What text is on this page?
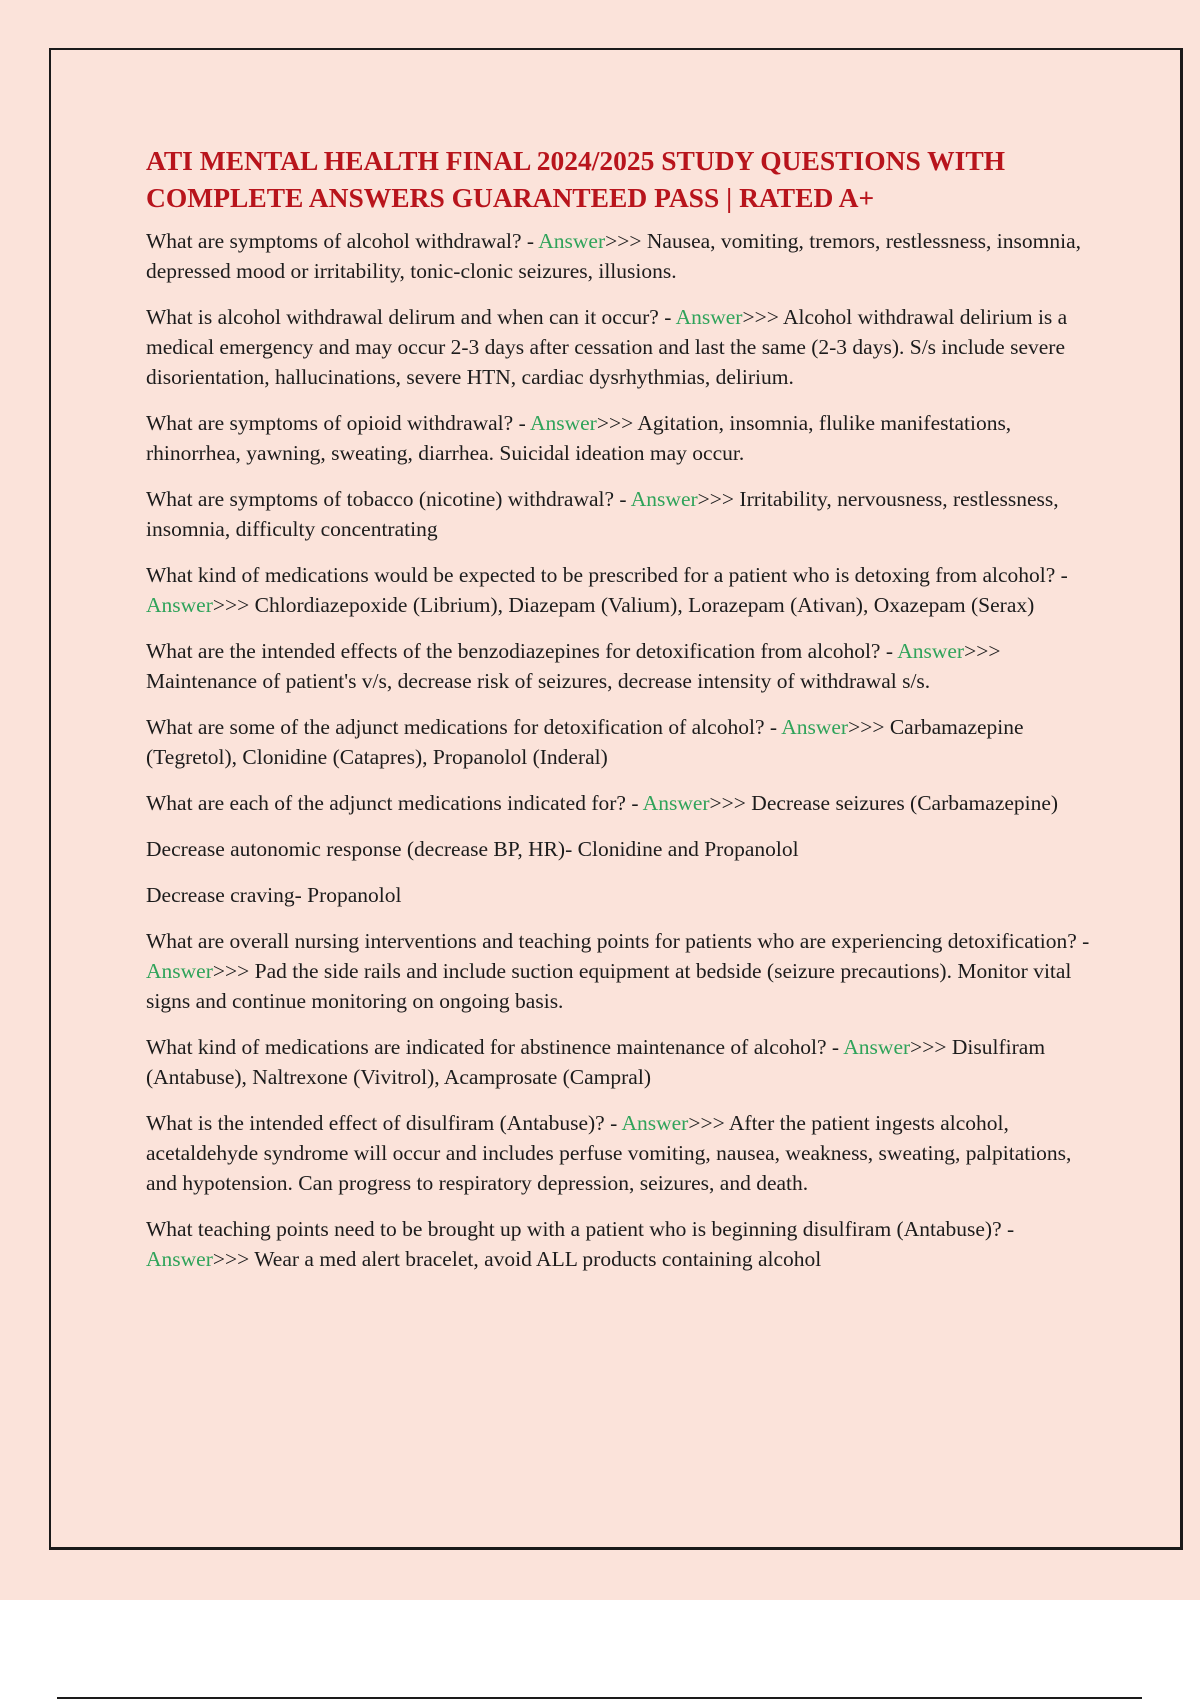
ATI MENTAL HEALTH FINAL 2024/2025 STUDY QUESTIONS WITH COMPLETE ANSWERS GUARANTEED PASS | RATED A+

What are symptoms of alcohol withdrawal? - Answer>>> Nausea, vomiting, tremors, restlessness, insomnia, depressed mood or irritability, tonic-clonic seizures, illusions.

What is alcohol withdrawal delirum and when can it occur? - Answer>>> Alcohol withdrawal delirium is a medical emergency and may occur 2-3 days after cessation and last the same (2-3 days). S/s include severe disorientation, hallucinations, severe HTN, cardiac dysrhythmias, delirium.

What are symptoms of opioid withdrawal? - Answer>>> Agitation, insomnia, flulike manifestations, rhinorrhea, yawning, sweating, diarrhea. Suicidal ideation may occur.

What are symptoms of tobacco (nicotine) withdrawal? - Answer>>> Irritability, nervousness, restlessness, insomnia, difficulty concentrating

What kind of medications would be expected to be prescribed for a patient who is detoxing from alcohol? - Answer>>> Chlordiazepoxide (Librium), Diazepam (Valium), Lorazepam (Ativan), Oxazepam (Serax)

What are the intended effects of the benzodiazepines for detoxification from alcohol? - Answer>>> Maintenance of patient's v/s, decrease risk of seizures, decrease intensity of withdrawal s/s.

What are some of the adjunct medications for detoxification of alcohol? - Answer>>> Carbamazepine (Tegretol), Clonidine (Catapres), Propanolol (Inderal)

What are each of the adjunct medications indicated for? - Answer>>> Decrease seizures (Carbamazepine)

Decrease autonomic response (decrease BP, HR)- Clonidine and Propanolol

Decrease craving- Propanolol

What are overall nursing interventions and teaching points for patients who are experiencing detoxification? - Answer>>> Pad the side rails and include suction equipment at bedside (seizure precautions). Monitor vital signs and continue monitoring on ongoing basis.

What kind of medications are indicated for abstinence maintenance of alcohol? - Answer>>> Disulfiram (Antabuse), Naltrexone (Vivitrol), Acamprosate (Campral)

What is the intended effect of disulfiram (Antabuse)? - Answer>>> After the patient ingests alcohol, acetaldehyde syndrome will occur and includes perfuse vomiting, nausea, weakness, sweating, palpitations, and hypotension. Can progress to respiratory depression, seizures, and death.

What teaching points need to be brought up with a patient who is beginning disulfiram (Antabuse)? - Answer>>> Wear a med alert bracelet, avoid ALL products containing alcohol
